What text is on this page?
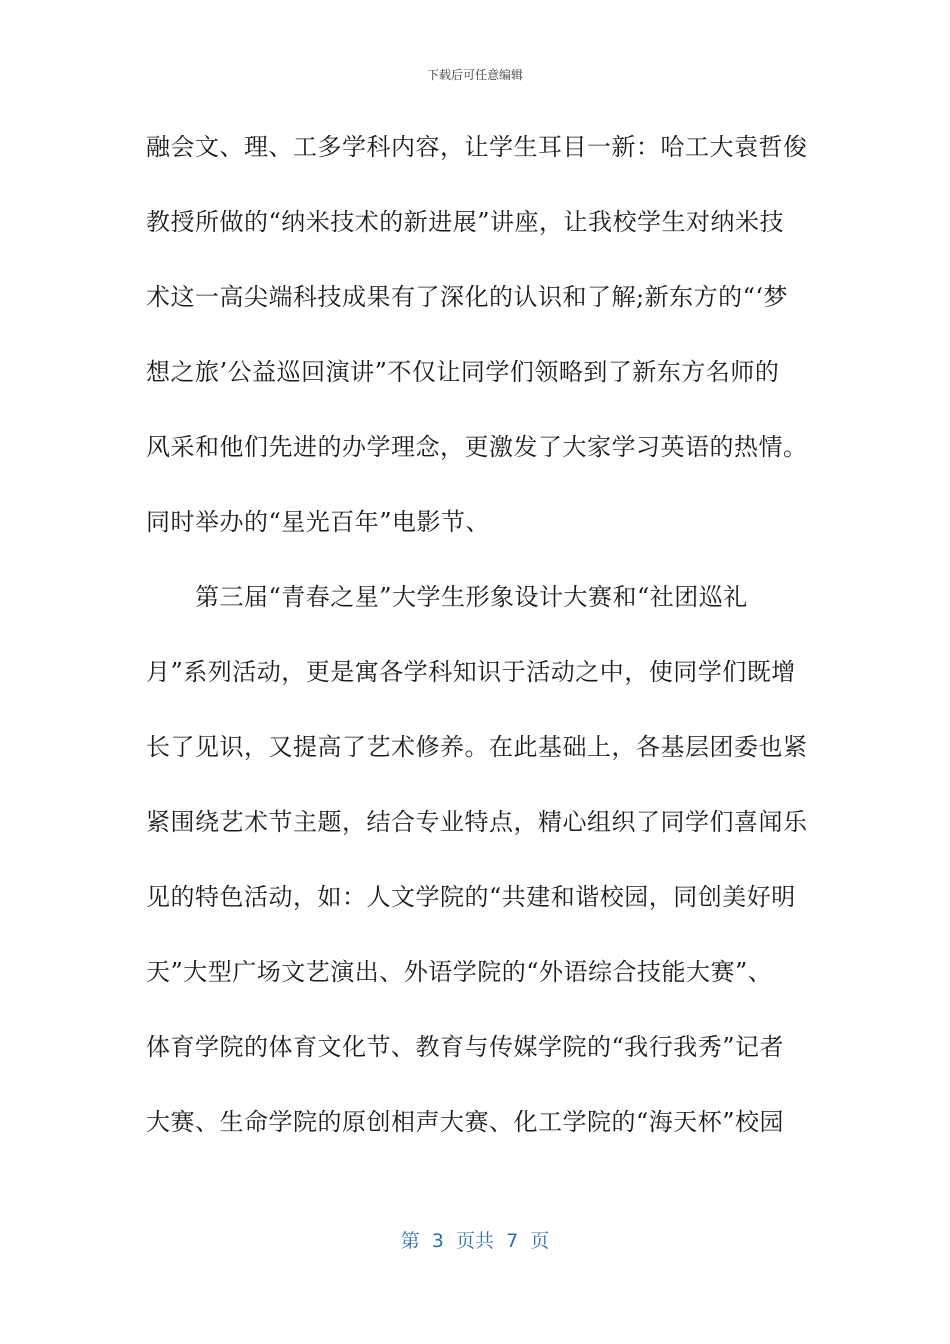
下载后可任意编辑
融会文、理、工多学科内容，让学生耳目一新：哈工大袁哲俊
教授所做的“纳米技术的新进展”讲座，让我校学生对纳米技
术这一高尖端科技成果有了深化的认识和了解;新东方的“‘梦
想之旅’公益巡回演讲”不仅让同学们领略到了新东方名师的
风采和他们先进的办学理念，更激发了大家学习英语的热情。
同时举办的“星光百年”电影节、
　　第三届“青春之星”大学生形象设计大赛和“社团巡礼
月”系列活动，更是寓各学科知识于活动之中，使同学们既增
长了见识，又提高了艺术修养。在此基础上，各基层团委也紧
紧围绕艺术节主题，结合专业特点，精心组织了同学们喜闻乐
见的特色活动，如：人文学院的“共建和谐校园，同创美好明
天”大型广场文艺演出、外语学院的“外语综合技能大赛”、
体育学院的体育文化节、教育与传媒学院的“我行我秀”记者
大赛、生命学院的原创相声大赛、化工学院的“海天杯”校园
第 3 页共 7 页
